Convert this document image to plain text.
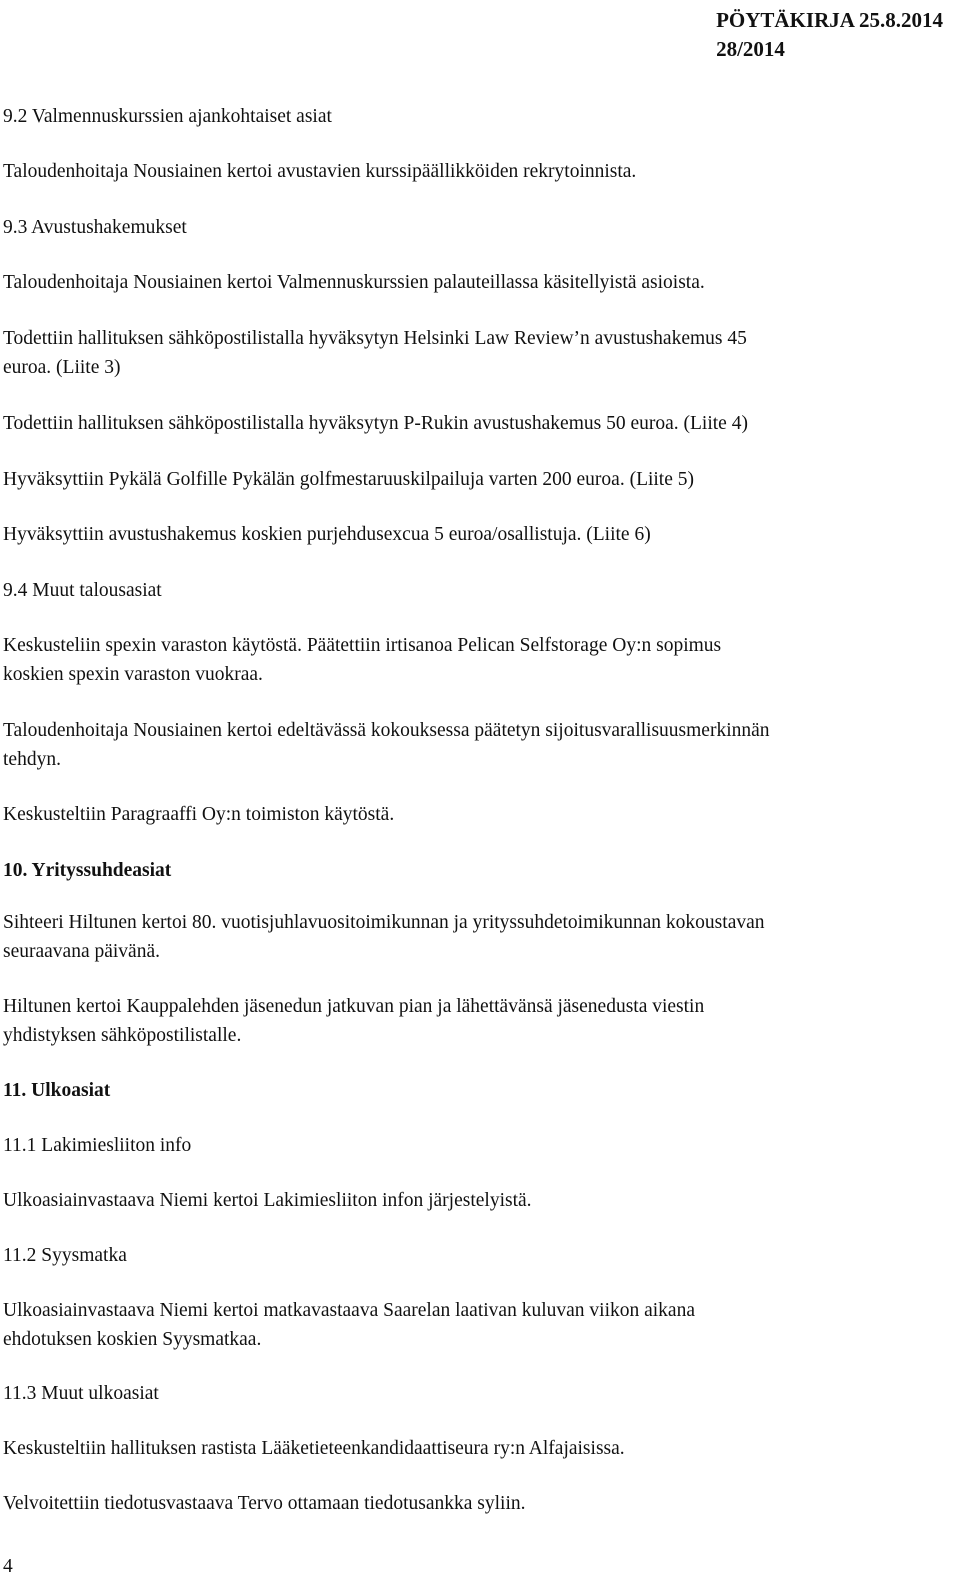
PÖYTÄKIRJA 25.8.2014
28/2014
9.2 Valmennuskurssien ajankohtaiset asiat
Taloudenhoitaja Nousiainen kertoi avustavien kurssipäällikköiden rekrytoinnista.
9.3 Avustushakemukset
Taloudenhoitaja Nousiainen kertoi Valmennuskurssien palauteillassa käsitellyistä asioista.
Todettiin hallituksen sähköpostilistalla hyväksytyn Helsinki Law Review’n avustushakemus 45
euroa. (Liite 3)
Todettiin hallituksen sähköpostilistalla hyväksytyn P-Rukin avustushakemus 50 euroa. (Liite 4)
Hyväksyttiin Pykälä Golfille Pykälän golfmestaruuskilpailuja varten 200 euroa. (Liite 5)
Hyväksyttiin avustushakemus koskien purjehdusexcua 5 euroa/osallistuja. (Liite 6)
9.4 Muut talousasiat
Keskusteliin spexin varaston käytöstä. Päätettiin irtisanoa Pelican Selfstorage Oy:n sopimus
koskien spexin varaston vuokraa.
Taloudenhoitaja Nousiainen kertoi edeltävässä kokouksessa päätetyn sijoitusvarallisuusmerkinnän
tehdyn.
Keskusteltiin Paragraaffi Oy:n toimiston käytöstä.
10. Yrityssuhdeasiat
Sihteeri Hiltunen kertoi 80. vuotisjuhlavuositoimikunnan ja yrityssuhdetoimikunnan kokoustavan
seuraavana päivänä.
Hiltunen kertoi Kauppalehden jäsenedun jatkuvan pian ja lähettävänsä jäsenedusta viestin
yhdistyksen sähköpostilistalle.
11. Ulkoasiat
11.1 Lakimiesliiton info
Ulkoasiainvastaava Niemi kertoi Lakimiesliiton infon järjestelyistä.
11.2 Syysmatka
Ulkoasiainvastaava Niemi kertoi matkavastaava Saarelan laativan kuluvan viikon aikana
ehdotuksen koskien Syysmatkaa.
11.3 Muut ulkoasiat
Keskusteltiin hallituksen rastista Lääketieteenkandidaattiseura ry:n Alfajaisissa.
Velvoitettiin tiedotusvastaava Tervo ottamaan tiedotusankka syliin.
4
